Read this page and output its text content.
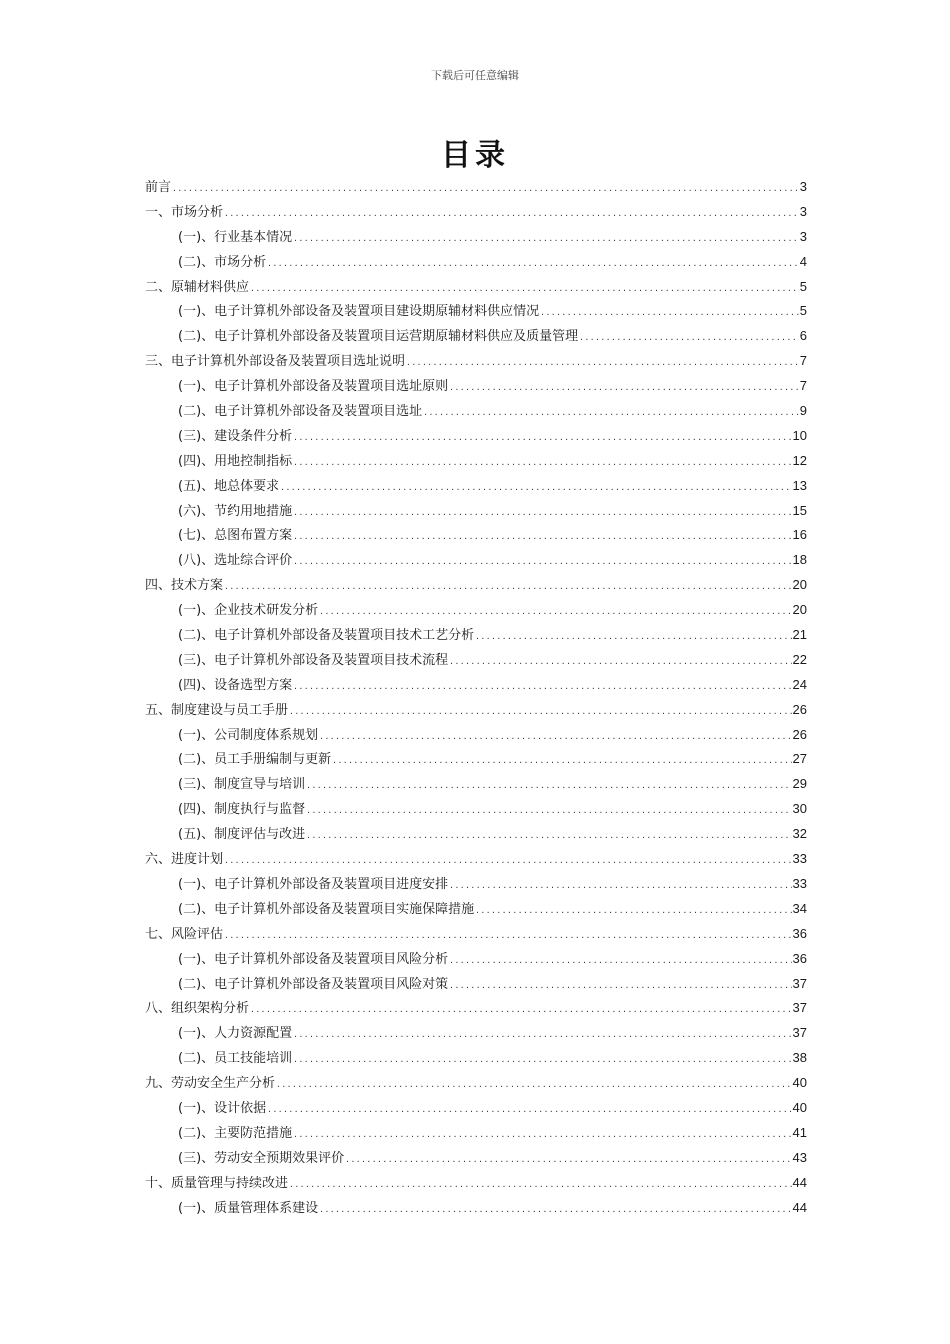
下载后可任意编辑
目录
前言 .....	3
一、市场分析 .....	3
(一)、行业基本情况 .....	3
(二)、市场分析 .....	4
二、原辅材料供应 .....	5
(一)、电子计算机外部设备及装置项目建设期原辅材料供应情况 .....	5
(二)、电子计算机外部设备及装置项目运营期原辅材料供应及质量管理 .....	6
三、电子计算机外部设备及装置项目选址说明 .....	7
(一)、电子计算机外部设备及装置项目选址原则 .....	7
(二)、电子计算机外部设备及装置项目选址 .....	9
(三)、建设条件分析 .....	10
(四)、用地控制指标 .....	12
(五)、地总体要求 .....	13
(六)、节约用地措施 .....	15
(七)、总图布置方案 .....	16
(八)、选址综合评价 .....	18
四、技术方案 .....	20
(一)、企业技术研发分析 .....	20
(二)、电子计算机外部设备及装置项目技术工艺分析 .....	21
(三)、电子计算机外部设备及装置项目技术流程 .....	22
(四)、设备选型方案 .....	24
五、制度建设与员工手册 .....	26
(一)、公司制度体系规划 .....	26
(二)、员工手册编制与更新 .....	27
(三)、制度宣导与培训 .....	29
(四)、制度执行与监督 .....	30
(五)、制度评估与改进 .....	32
六、进度计划 .....	33
(一)、电子计算机外部设备及装置项目进度安排 .....	33
(二)、电子计算机外部设备及装置项目实施保障措施 .....	34
七、风险评估 .....	36
(一)、电子计算机外部设备及装置项目风险分析 .....	36
(二)、电子计算机外部设备及装置项目风险对策 .....	37
八、组织架构分析 .....	37
(一)、人力资源配置 .....	37
(二)、员工技能培训 .....	38
九、劳动安全生产分析 .....	40
(一)、设计依据 .....	40
(二)、主要防范措施 .....	41
(三)、劳动安全预期效果评价 .....	43
十、质量管理与持续改进 .....	44
(一)、质量管理体系建设 .....	44
